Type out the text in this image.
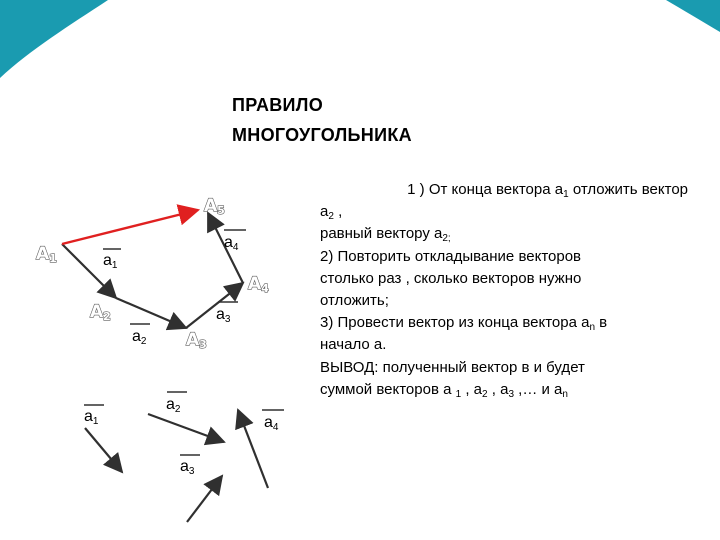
ПРАВИЛО
МНОГОУГОЛЬНИКА
1 ) От конца вектора $а_1$ отложить вектор
$а_2$ ,
равный вектору $а_{2;}$
2) Повторить откладывание векторов
столько раз , сколько векторов нужно
отложить;
3) Провести вектор из конца вектора $а_n$ в
начало а.
ВЫВОД: полученный вектор в и будет
суммой векторов а $_1$ , $а_2$ , $а_3$ ,… и $а_n$
$A_1$
$A_2$
$A_3$
$A_4$
$A_5$
$a_1$
$a_4$
$a_3$
$a_2$
$a_1$
$a_2$
$a_3$
$a_4$
